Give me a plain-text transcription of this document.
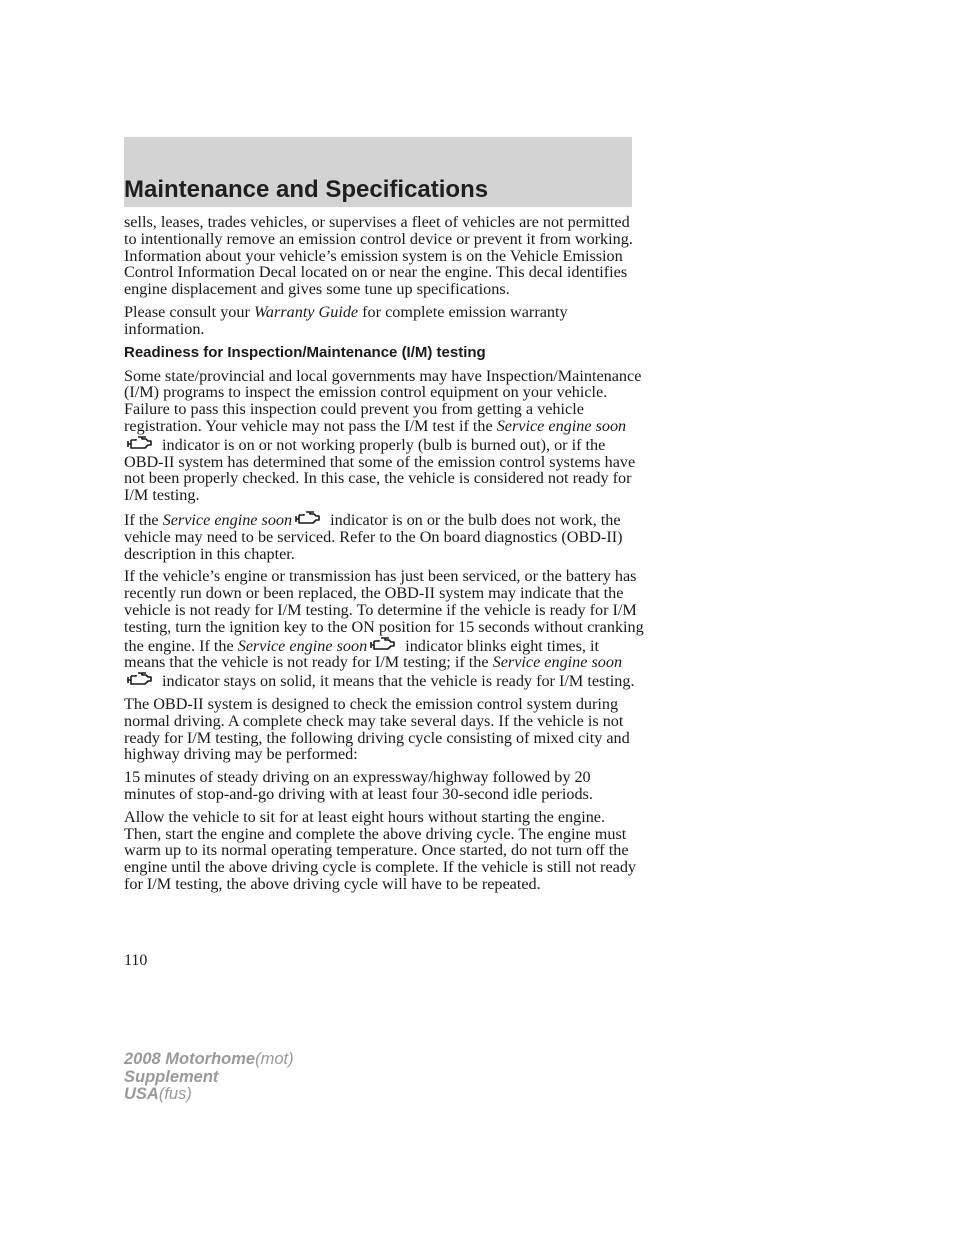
Maintenance and Specifications

sells, leases, trades vehicles, or supervises a fleet of vehicles are not permitted to intentionally remove an emission control device or prevent it from working. Information about your vehicle’s emission system is on the Vehicle Emission Control Information Decal located on or near the engine. This decal identifies engine displacement and gives some tune up specifications.

Please consult your Warranty Guide for complete emission warranty information.

Readiness for Inspection/Maintenance (I/M) testing

Some state/provincial and local governments may have Inspection/Maintenance (I/M) programs to inspect the emission control equipment on your vehicle. Failure to pass this inspection could prevent you from getting a vehicle registration. Your vehicle may not pass the I/M test if the Service engine soon indicator is on or not working properly (bulb is burned out), or if the OBD-II system has determined that some of the emission control systems have not been properly checked. In this case, the vehicle is considered not ready for I/M testing.

If the Service engine soon indicator is on or the bulb does not work, the vehicle may need to be serviced. Refer to the On board diagnostics (OBD-II) description in this chapter.

If the vehicle’s engine or transmission has just been serviced, or the battery has recently run down or been replaced, the OBD-II system may indicate that the vehicle is not ready for I/M testing. To determine if the vehicle is ready for I/M testing, turn the ignition key to the ON position for 15 seconds without cranking the engine. If the Service engine soon indicator blinks eight times, it means that the vehicle is not ready for I/M testing; if the Service engine soon indicator stays on solid, it means that the vehicle is ready for I/M testing.

The OBD-II system is designed to check the emission control system during normal driving. A complete check may take several days. If the vehicle is not ready for I/M testing, the following driving cycle consisting of mixed city and highway driving may be performed:

15 minutes of steady driving on an expressway/highway followed by 20 minutes of stop-and-go driving with at least four 30-second idle periods.

Allow the vehicle to sit for at least eight hours without starting the engine. Then, start the engine and complete the above driving cycle. The engine must warm up to its normal operating temperature. Once started, do not turn off the engine until the above driving cycle is complete. If the vehicle is still not ready for I/M testing, the above driving cycle will have to be repeated.

110
2008 Motorhome(mot)
Supplement
USA(fus)
